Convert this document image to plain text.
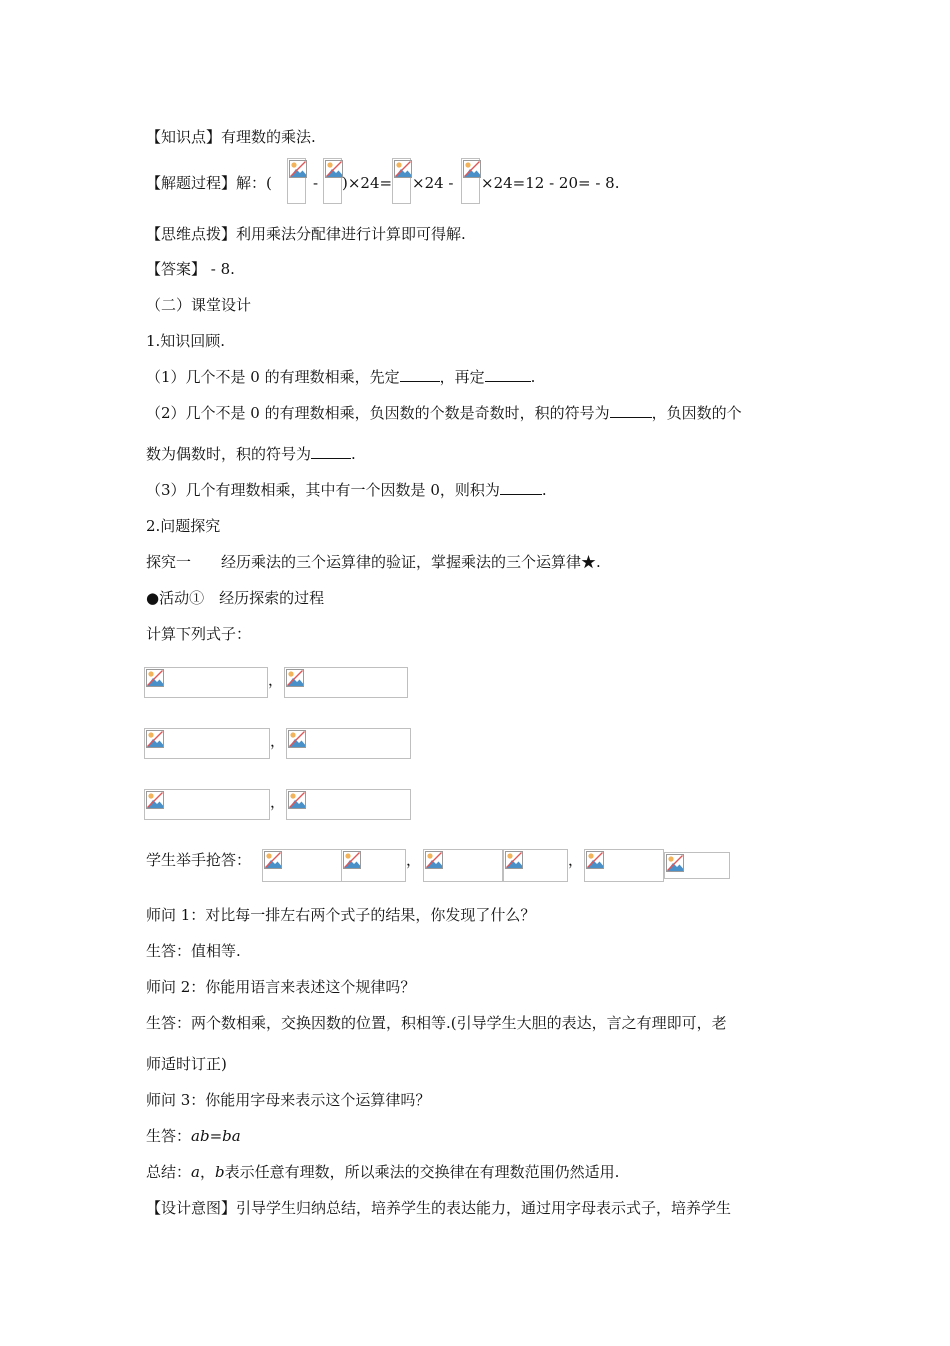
【知识点】有理数的乘法.
【解题过程】解：(	- )×24= ×24 - ×24=12 - 20= - 8.
【思维点拨】利用乘法分配律进行计算即可得解.
【答案】 - 8.
（二）课堂设计
1.知识回顾.
（1）几个不是 0 的有理数相乘，先定	，再定	.
（2）几个不是 0 的有理数相乘，负因数的个数是奇数时，积的符号为	，负因数的个
数为偶数时，积的符号为	.
（3）几个有理数相乘，其中有一个因数是 0，则积为	.
2.问题探究
探究一　　经历乘法的三个运算律的验证，掌握乘法的三个运算律★.
●活动①　经历探索的过程
计算下列式子：
，
，
，
学生举手抢答：	，	，
师问 1：对比每一排左右两个式子的结果，你发现了什么？
生答：值相等.
师问 2：你能用语言来表述这个规律吗？
生答：两个数相乘，交换因数的位置，积相等.(引导学生大胆的表达，言之有理即可，老
师适时订正)
师问 3：你能用字母来表示这个运算律吗？
生答：ab=ba
总结：a，b表示任意有理数，所以乘法的交换律在有理数范围仍然适用.
【设计意图】引导学生归纳总结，培养学生的表达能力，通过用字母表示式子，培养学生
